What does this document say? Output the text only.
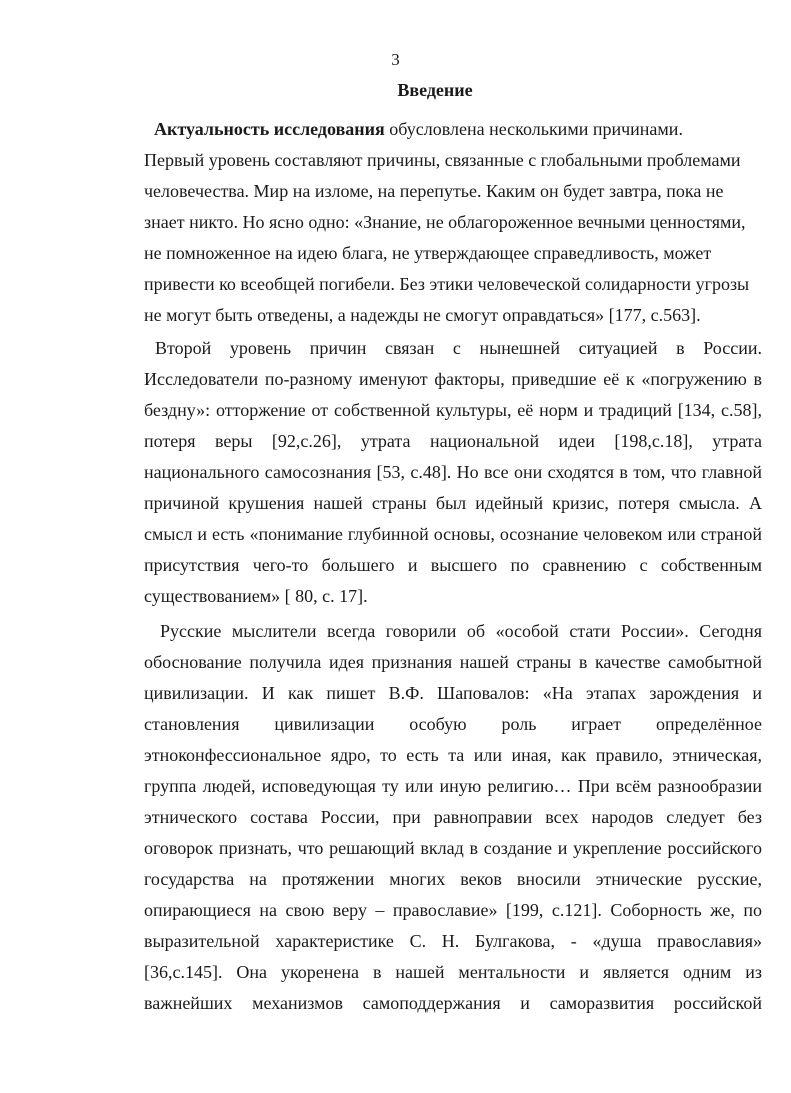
3
Введение
Актуальность исследования обусловлена несколькими причинами.
Первый уровень составляют причины, связанные с глобальными проблемами
человечества. Мир на изломе, на перепутье. Каким он будет завтра, пока не
знает никто. Но ясно одно: «Знание, не облагороженное вечными ценностями,
не помноженное на идею блага, не утверждающее справедливость, может
привести ко всеобщей погибели. Без этики человеческой солидарности угрозы
не могут быть отведены, а надежды не смогут оправдаться» [177, с.563].
Второй уровень причин связан с нынешней ситуацией в России.
Исследователи по-разному именуют факторы, приведшие её к «погружению в
бездну»: отторжение от собственной культуры, её норм и традиций [134, с.58],
потеря веры [92,с.26], утрата национальной идеи [198,с.18], утрата
национального самосознания [53, с.48]. Но все они сходятся в том, что главной
причиной крушения нашей страны был идейный кризис, потеря смысла. А
смысл и есть «понимание глубинной основы, осознание человеком или страной
присутствия чего-то большего и высшего по сравнению с собственным
существованием» [ 80, с. 17].
Русские мыслители всегда говорили об «особой стати России». Сегодня
обоснование получила идея признания нашей страны в качестве самобытной
цивилизации. И как пишет В.Ф. Шаповалов: «На этапах зарождения и
становления цивилизации особую роль играет определённое
этноконфессиональное ядро, то есть та или иная, как правило, этническая,
группа людей, исповедующая ту или иную религию… При всём разнообразии
этнического состава России, при равноправии всех народов следует без
оговорок признать, что решающий вклад в создание и укрепление российского
государства на протяжении многих веков вносили этнические русские,
опирающиеся на свою веру – православие» [199, с.121]. Соборность же, по
выразительной характеристике С. Н. Булгакова, - «душа православия»
[36,с.145]. Она укоренена в нашей ментальности и является одним из
важнейших механизмов самоподдержания и саморазвития российской
